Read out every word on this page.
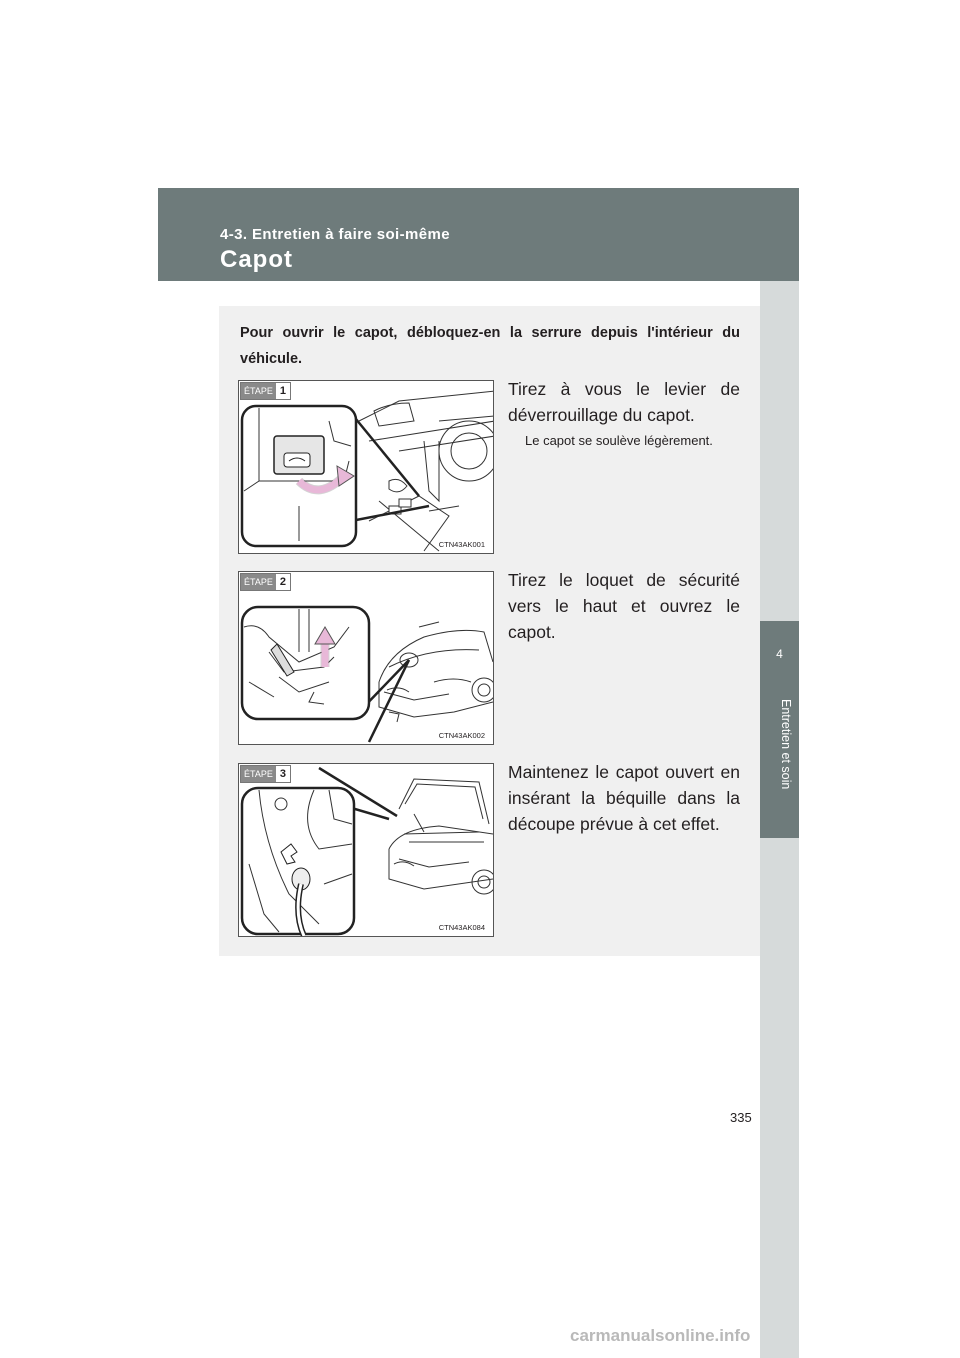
4-3. Entretien à faire soi-même
Capot
4
Entretien et soin
Pour ouvrir le capot, débloquez-en la serrure depuis l'intérieur du véhicule.
ÉTAPE 1
CTN43AK001
Tirez à vous le levier de déverrouillage du capot.
Le capot se soulève légèrement.
ÉTAPE 2
CTN43AK002
Tirez le loquet de sécurité vers le haut et ouvrez le capot.
ÉTAPE 3
CTN43AK084
Maintenez le capot ouvert en insérant la béquille dans la découpe prévue à cet effet.
335
carmanualsonline.info
